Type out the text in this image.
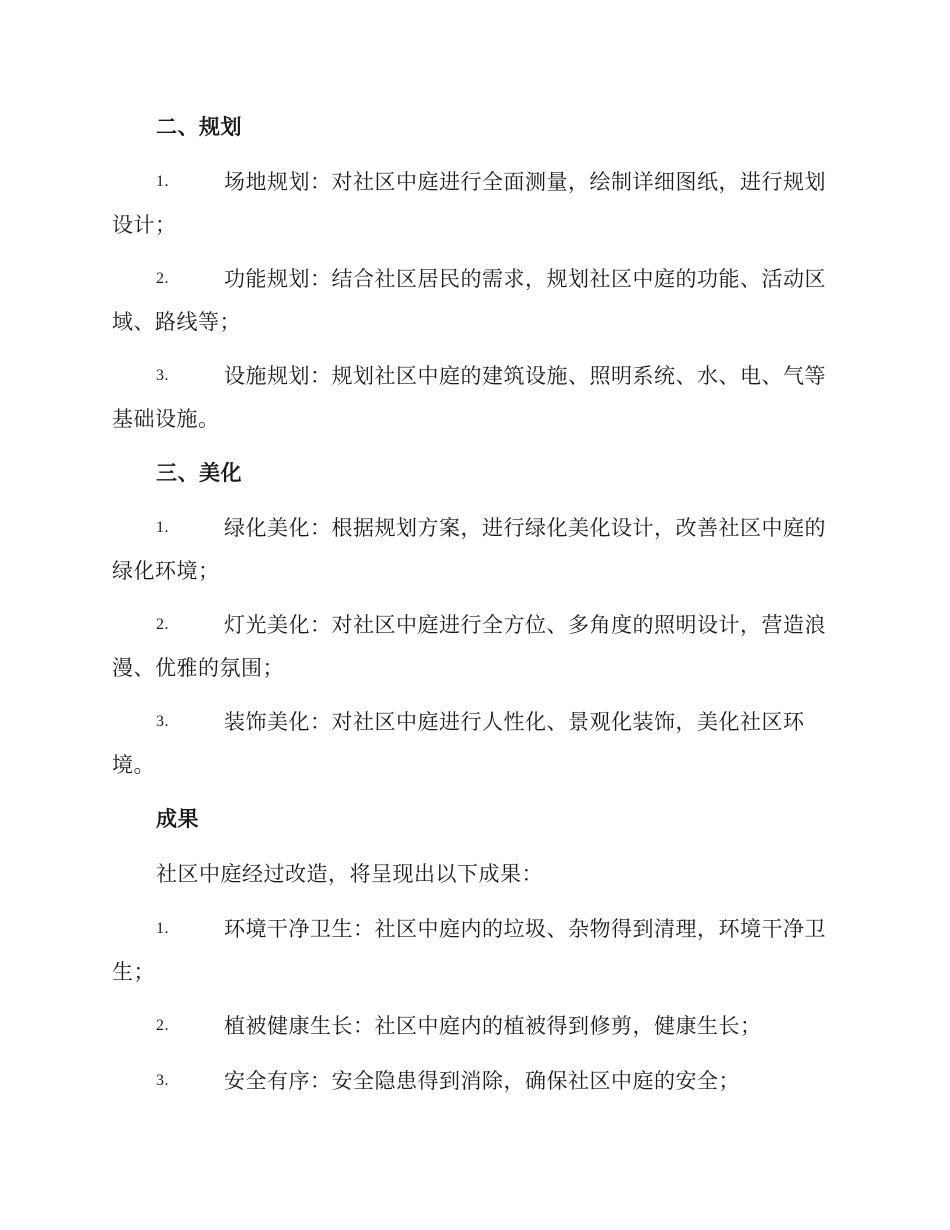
二、规划
1.	场地规划：对社区中庭进行全面测量，绘制详细图纸，进行规划
设计；
2.	功能规划：结合社区居民的需求，规划社区中庭的功能、活动区
域、路线等；
3.	设施规划：规划社区中庭的建筑设施、照明系统、水、电、气等
基础设施。
三、美化
1.	绿化美化：根据规划方案，进行绿化美化设计，改善社区中庭的
绿化环境；
2.	灯光美化：对社区中庭进行全方位、多角度的照明设计，营造浪
漫、优雅的氛围；
3.	装饰美化：对社区中庭进行人性化、景观化装饰，美化社区环
境。
成果
社区中庭经过改造，将呈现出以下成果：
1.	环境干净卫生：社区中庭内的垃圾、杂物得到清理，环境干净卫
生；
2.	植被健康生长：社区中庭内的植被得到修剪，健康生长；
3.	安全有序：安全隐患得到消除，确保社区中庭的安全；
